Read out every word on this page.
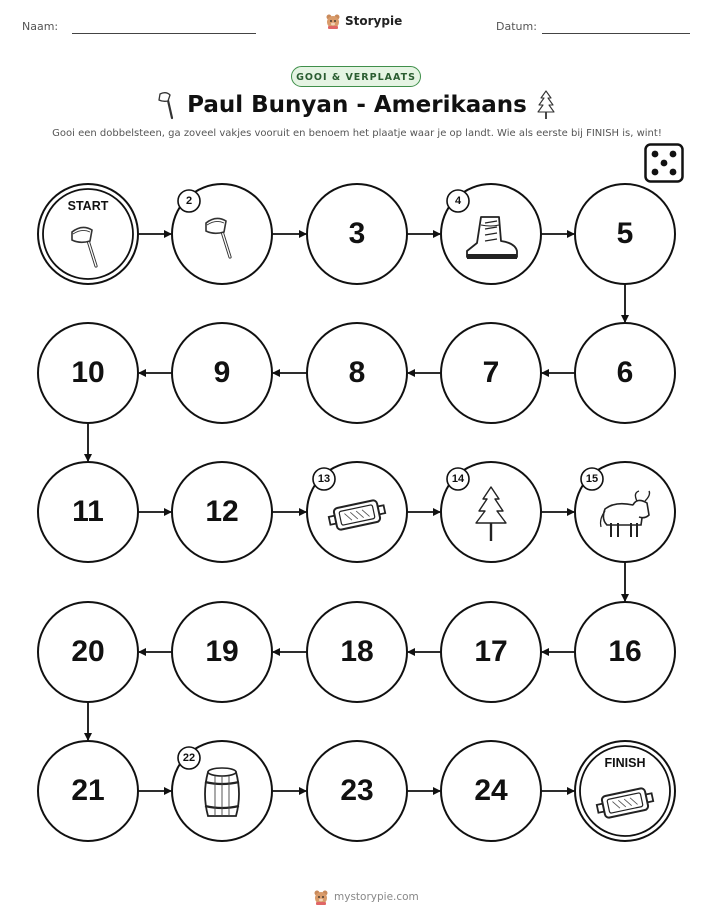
Naam:	Storypie	Datum:
GOOI & VERPLAATS
Paul Bunyan - Amerikaans
Gooi een dobbelsteen, ga zoveel vakjes vooruit en benoem het plaatje waar je op landt. Wie als eerste bij FINISH is, wint!
START	2
3
4
5
6
7
8
9
10
11	12
13	14	15
16
17
18
19
20
21
22
23	24
FINISH
mystorypie.com
